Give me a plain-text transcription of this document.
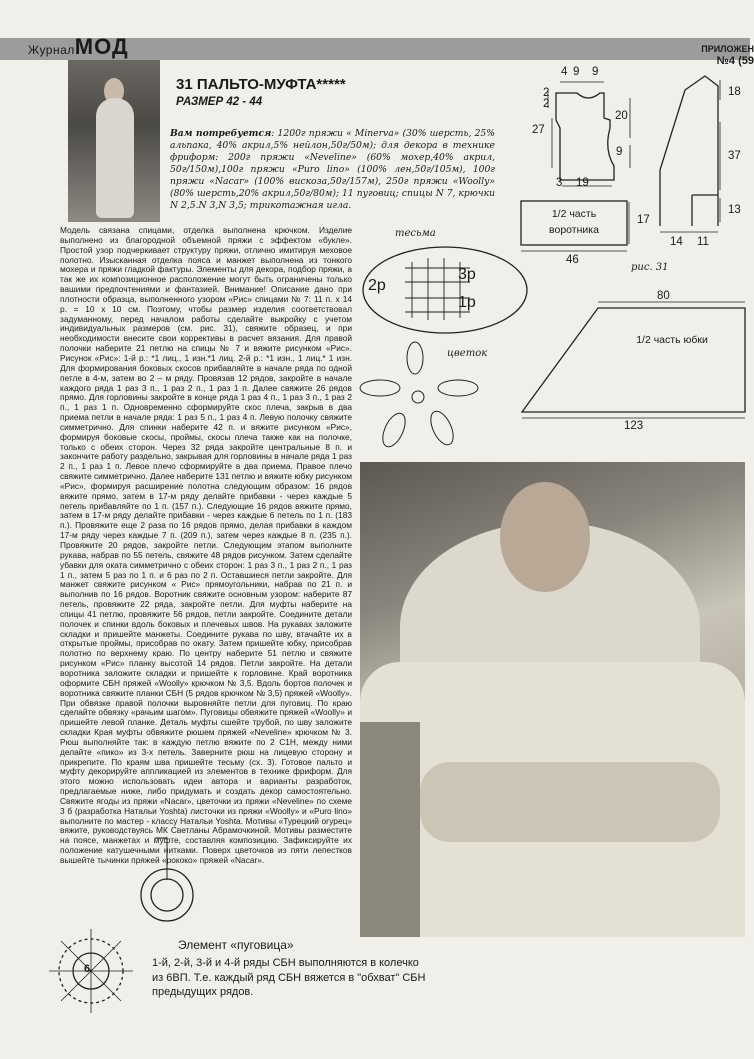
ЖурналМОД	ПРИЛОЖЕН
№4 (59
31 ПАЛЬТО-МУФТА*****
РАЗМЕР 42 - 44
Вам потребуется: 1200г пряжи « Minerva» (30% шерсть, 25% альпака, 40% акрил,5% нейлон,50г/50м); для декора в технике фриформ: 200г пряжи «Neveline» (60% мохер,40% акрил, 50г/150м),100г пряжи «Puro lino» (100% лен,50г/105м), 100г пряжи «Nacar» (100% вискоза,50г/157м), 250г пряжи «Woolly» (80% шерсть,20% акрил,50г/80м); 11 пуговиц; спицы N 7, крючки N 2,5.N 3,N 3,5; трикотажная игла.
Модель связана спицами, отделка выполнена крючком. Изделие выполнено из благородной объемной пряжи с эффектом «букле». Простой узор подчеркивает структуру пряжи, отлично имитируя меховое полотно. Изысканная отделка пояса и манжет выполнена из тонкого мохера и пряжи гладкой фактуры. Элементы для декора, подбор пряжи, а так же их композиционное расположение могут быть ограничены только вашими предпочтениями и фантазией. Внимание! Описание дано при плотности образца, выполненного узором «Рис» спицами № 7: 11 п. х 14 р. = 10 х 10 см. Поэтому, чтобы размер изделия соответствовал задуманному, перед началом работы сделайте выкройку с учетом индивидуальных размеров (см. рис. 31), свяжите образец, и при необходимости внесите свои коррективы в расчет вязания. Для правой полочки наберите 21 петлю на спицы № 7 и вяжите рисунком «Рис». Рисунок «Рис»: 1-й р.: *1 лиц., 1 изн.*1 лиц. 2-й р.: *1 изн., 1 лиц.* 1 изн. Для формирования боковых скосов прибавляйте в начале ряда по одной петле в 4-м, затем во 2 – м ряду. Провязав 12 рядов, закройте в начале каждого ряда 1 раз 3 п., 1 раз 2 п., 1 раз 1 п. Далее свяжите 26 рядов прямо. Для горловины закройте в конце ряда 1 раз 4 п., 1 раз 3 п., 1 раз 2 п., 1 раз 1 п. Одновременно сформируйте скос плеча, закрыв в два приема петли в начале ряда: 1 раз 5 п., 1 раз 4 п. Левую полочку свяжите симметрично. Для спинки наберите 42 п. и вяжите рисунком «Рис», формируя боковые скосы, проймы, скосы плеча также как на полочке, только с обеих сторон. Через 32 ряда закройте центральные 8 п. и закончите работу раздельно, закрывая для горловины в начале ряда 1 раз 2 п., 1 раз 1 п. Левое плечо сформируйте в два приема. Правое плечо свяжите симметрично. Далее наберите 131 петлю и вяжите юбку рисунком «Рис», формируя расширение полотна следующим образом: 16 рядов вяжите прямо, затем в 17-м ряду делайте прибавки - через каждые 5 петель прибавляйте по 1 п. (157 п.). Следующие 16 рядов вяжите прямо, затем в 17-м ряду делайте прибавки - через каждые 6 петель по 1 п. (183 п.). Провяжите еще 2 раза по 16 рядов прямо, делая прибавки в каждом 17-м ряду через каждые 7 п. (209 п.), затем через каждые 8 п. (235 п.). Провяжите 20 рядов, закройте петли. Следующим этапом выполните рукава, набрав по 55 петель, свяжите 48 рядов рисунком. Затем сделайте убавки для оката симметрично с обеих сторон: 1 раз 3 п., 1 раз 2 п., 1 раз 1 п., затем 5 раз по 1 п. и 6 раз по 2 п. Оставшиеся петли закройте. Для манжет свяжите рисунком « Рис» прямоугольники, набрав по 21 п. и выполнив по 16 рядов. Воротник свяжите основным узором: наберите 87 петель, провяжите 22 ряда, закройте петли. Для муфты наберите на спицы 41 петлю, провяжите 56 рядов, петли закройте. Соедините детали полочек и спинки вдоль боковых и плечевых швов. На рукавах заложите складки и пришейте манжеты. Соедините рукава по шву, втачайте их в открытые проймы, присобрав по окату. Затем пришейте юбку, присобрав полотно по верхнему краю. По центру наберите 51 петлю и свяжите рисунком «Рис» планку высотой 14 рядов. Петли закройте. На детали воротника заложите складки и пришейте к горловине. Край воротника оформите СБН пряжей «Woolly» крючком № 3,5. Вдоль бортов полочек и воротника свяжите планки СБН (5 рядов крючком № 3,5) пряжей «Woolly». При обвязке правой полочки выровняйте петли для пуговиц. По краю сделайте обвязку «рачьим шагом». Пуговицы обвяжите пряжей «Woolly» и пришейте левой планке. Деталь муфты сшейте трубой, по шву заложите складки Края муфты обвяжите рюшем пряжей «Neveline» крючком № 3. Рюш выполняйте так: в каждую петлю вяжите по 2 С1Н, между ними делайте «пико» из 3-х петель. Заверните рюш на лицевую сторону и прикрепите. По краям шва пришейте тесьму (сх. 3). Готовое пальто и муфту декорируйте аппликацией из элементов в технике фриформ. Для этого можно использовать идеи автора и варианты разработок, предлагаемые ниже, либо придумать и создать декор самостоятельно. Свяжите ягоды из пряжи «Nacar», цветочки из пряжи «Neveline» по схеме 3 б (разработка Натальи Yoshta) листочки из пряжи «Woolly» и «Puro lino» выполните по мастер - классу Натальи Yoshta. Мотивы «Турецкий огурец» вяжите, руководствуясь МК Светланы Абрамочкиной. Мотивы разместите на поясе, манжетах и муфте, составляя композицию. Зафиксируйте их положение катушечными нитками. Поверх цветочков из пяти лепестков вышейте тычинки пряжей «рококо» пряжей «Nacar».
4 9 9
2
2
27
20
9
3 19
18
37
13
14 11
1/2 часть
воротника
17
46
1/2 часть юбки
80
123
тесьма
цветок
рис. 31
2р
3р
1р
6
Элемент «пуговица»
1-й, 2-й, 3-й и 4-й ряды СБН выполняются в колечко из 6ВП. Т.е. каждый ряд СБН вяжется в "обхват" СБН предыдущих рядов.
